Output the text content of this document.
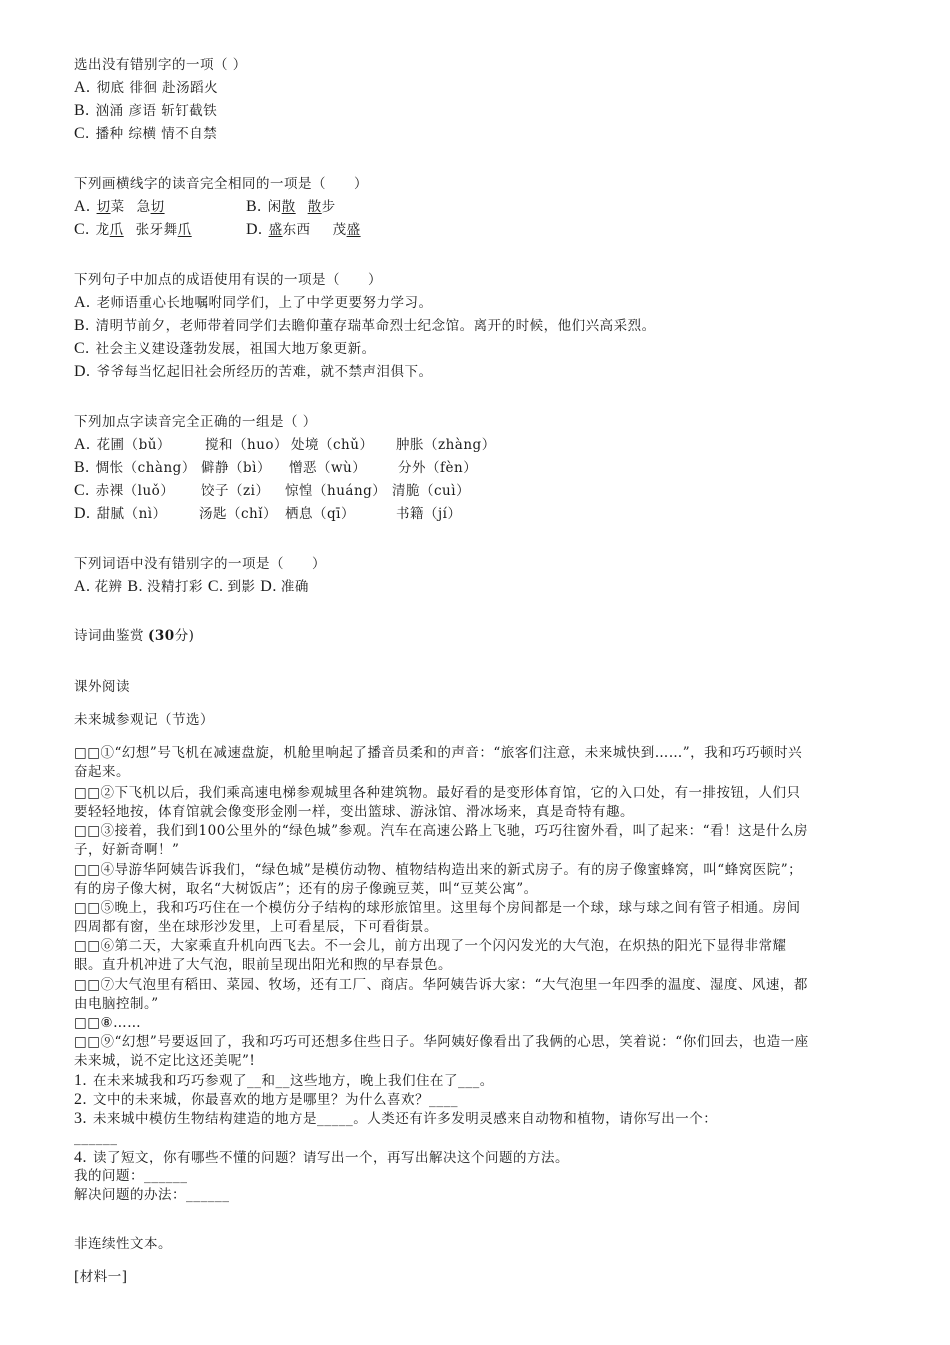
选出没有错别字的一项（ ）
A. 彻底 徘徊 赴汤蹈火
B. 汹涌 彦语 斩钉截铁
C. 播种 综横 情不自禁
下列画横线字的读音完全相同的一项是（　　）
A. 切菜 急切	B. 闲散 散步
C. 龙爪 张牙舞爪	D. 盛东西 茂盛
下列句子中加点的成语使用有误的一项是（　　）
A. 老师语重心长地嘱咐同学们，上了中学更要努力学习。
B. 清明节前夕，老师带着同学们去瞻仰董存瑞革命烈士纪念馆。离开的时候，他们兴高采烈。
C. 社会主义建设蓬勃发展，祖国大地万象更新。
D. 爷爷每当忆起旧社会所经历的苦难，就不禁声泪俱下。
下列加点字读音完全正确的一组是（ ）
A. 花圃（bǔ）	搅和（huo） 处境（chǔ） 肿胀（zhàng）
B. 惆怅（chàng） 僻静（bì） 憎恶（wù） 分外（fèn）
C. 赤裸（luǒ） 饺子（zi） 惊惶（huáng） 清脆（cuì）
D. 甜腻（nì） 汤匙（chǐ） 栖息（qī）	书籍（jí）
下列词语中没有错别字的一项是（　　）
A. 花辨 B. 没精打彩 C. 到影 D. 准确
诗词曲鉴赏 (30分)
课外阅读
未来城参观记（节选）
□□①“幻想”号飞机在减速盘旋，机舱里响起了播音员柔和的声音：“旅客们注意，未来城快到……”，我和巧巧顿时兴奋起来。
□□②下飞机以后，我们乘高速电梯参观城里各种建筑物。最好看的是变形体育馆，它的入口处，有一排按钮，人们只要轻轻地按，体育馆就会像变形金刚一样，变出篮球、游泳馆、滑冰场来，真是奇特有趣。
□□③接着，我们到100公里外的“绿色城”参观。汽车在高速公路上飞驰，巧巧往窗外看，叫了起来：“看！这是什么房子，好新奇啊！”
□□④导游华阿姨告诉我们，“绿色城”是模仿动物、植物结构造出来的新式房子。有的房子像蜜蜂窝，叫“蜂窝医院”；有的房子像大树，取名“大树饭店”；还有的房子像豌豆荚，叫“豆荚公寓”。
□□⑤晚上，我和巧巧住在一个模仿分子结构的球形旅馆里。这里每个房间都是一个球，球与球之间有管子相通。房间四周都有窗，坐在球形沙发里，上可看星辰，下可看街景。
□□⑥第二天，大家乘直升机向西飞去。不一会儿，前方出现了一个闪闪发光的大气泡，在炽热的阳光下显得非常耀眼。直升机冲进了大气泡，眼前呈现出阳光和煦的早春景色。
□□⑦大气泡里有稻田、菜园、牧场，还有工厂、商店。华阿姨告诉大家：“大气泡里一年四季的温度、湿度、风速，都由电脑控制。”
□□⑧……
□□⑨“幻想”号要返回了，我和巧巧可还想多住些日子。华阿姨好像看出了我俩的心思，笑着说：“你们回去，也造一座未来城，说不定比这还美呢”!
1. 在未来城我和巧巧参观了__和__这些地方，晚上我们住在了___。
2. 文中的未来城，你最喜欢的地方是哪里？为什么喜欢？____
3. 未来城中模仿生物结构建造的地方是_____。人类还有许多发明灵感来自动物和植物，请你写出一个：______
4. 读了短文，你有哪些不懂的问题？请写出一个，再写出解决这个问题的方法。
我的问题：______
解决问题的办法：______
非连续性文本。
[材料一]
